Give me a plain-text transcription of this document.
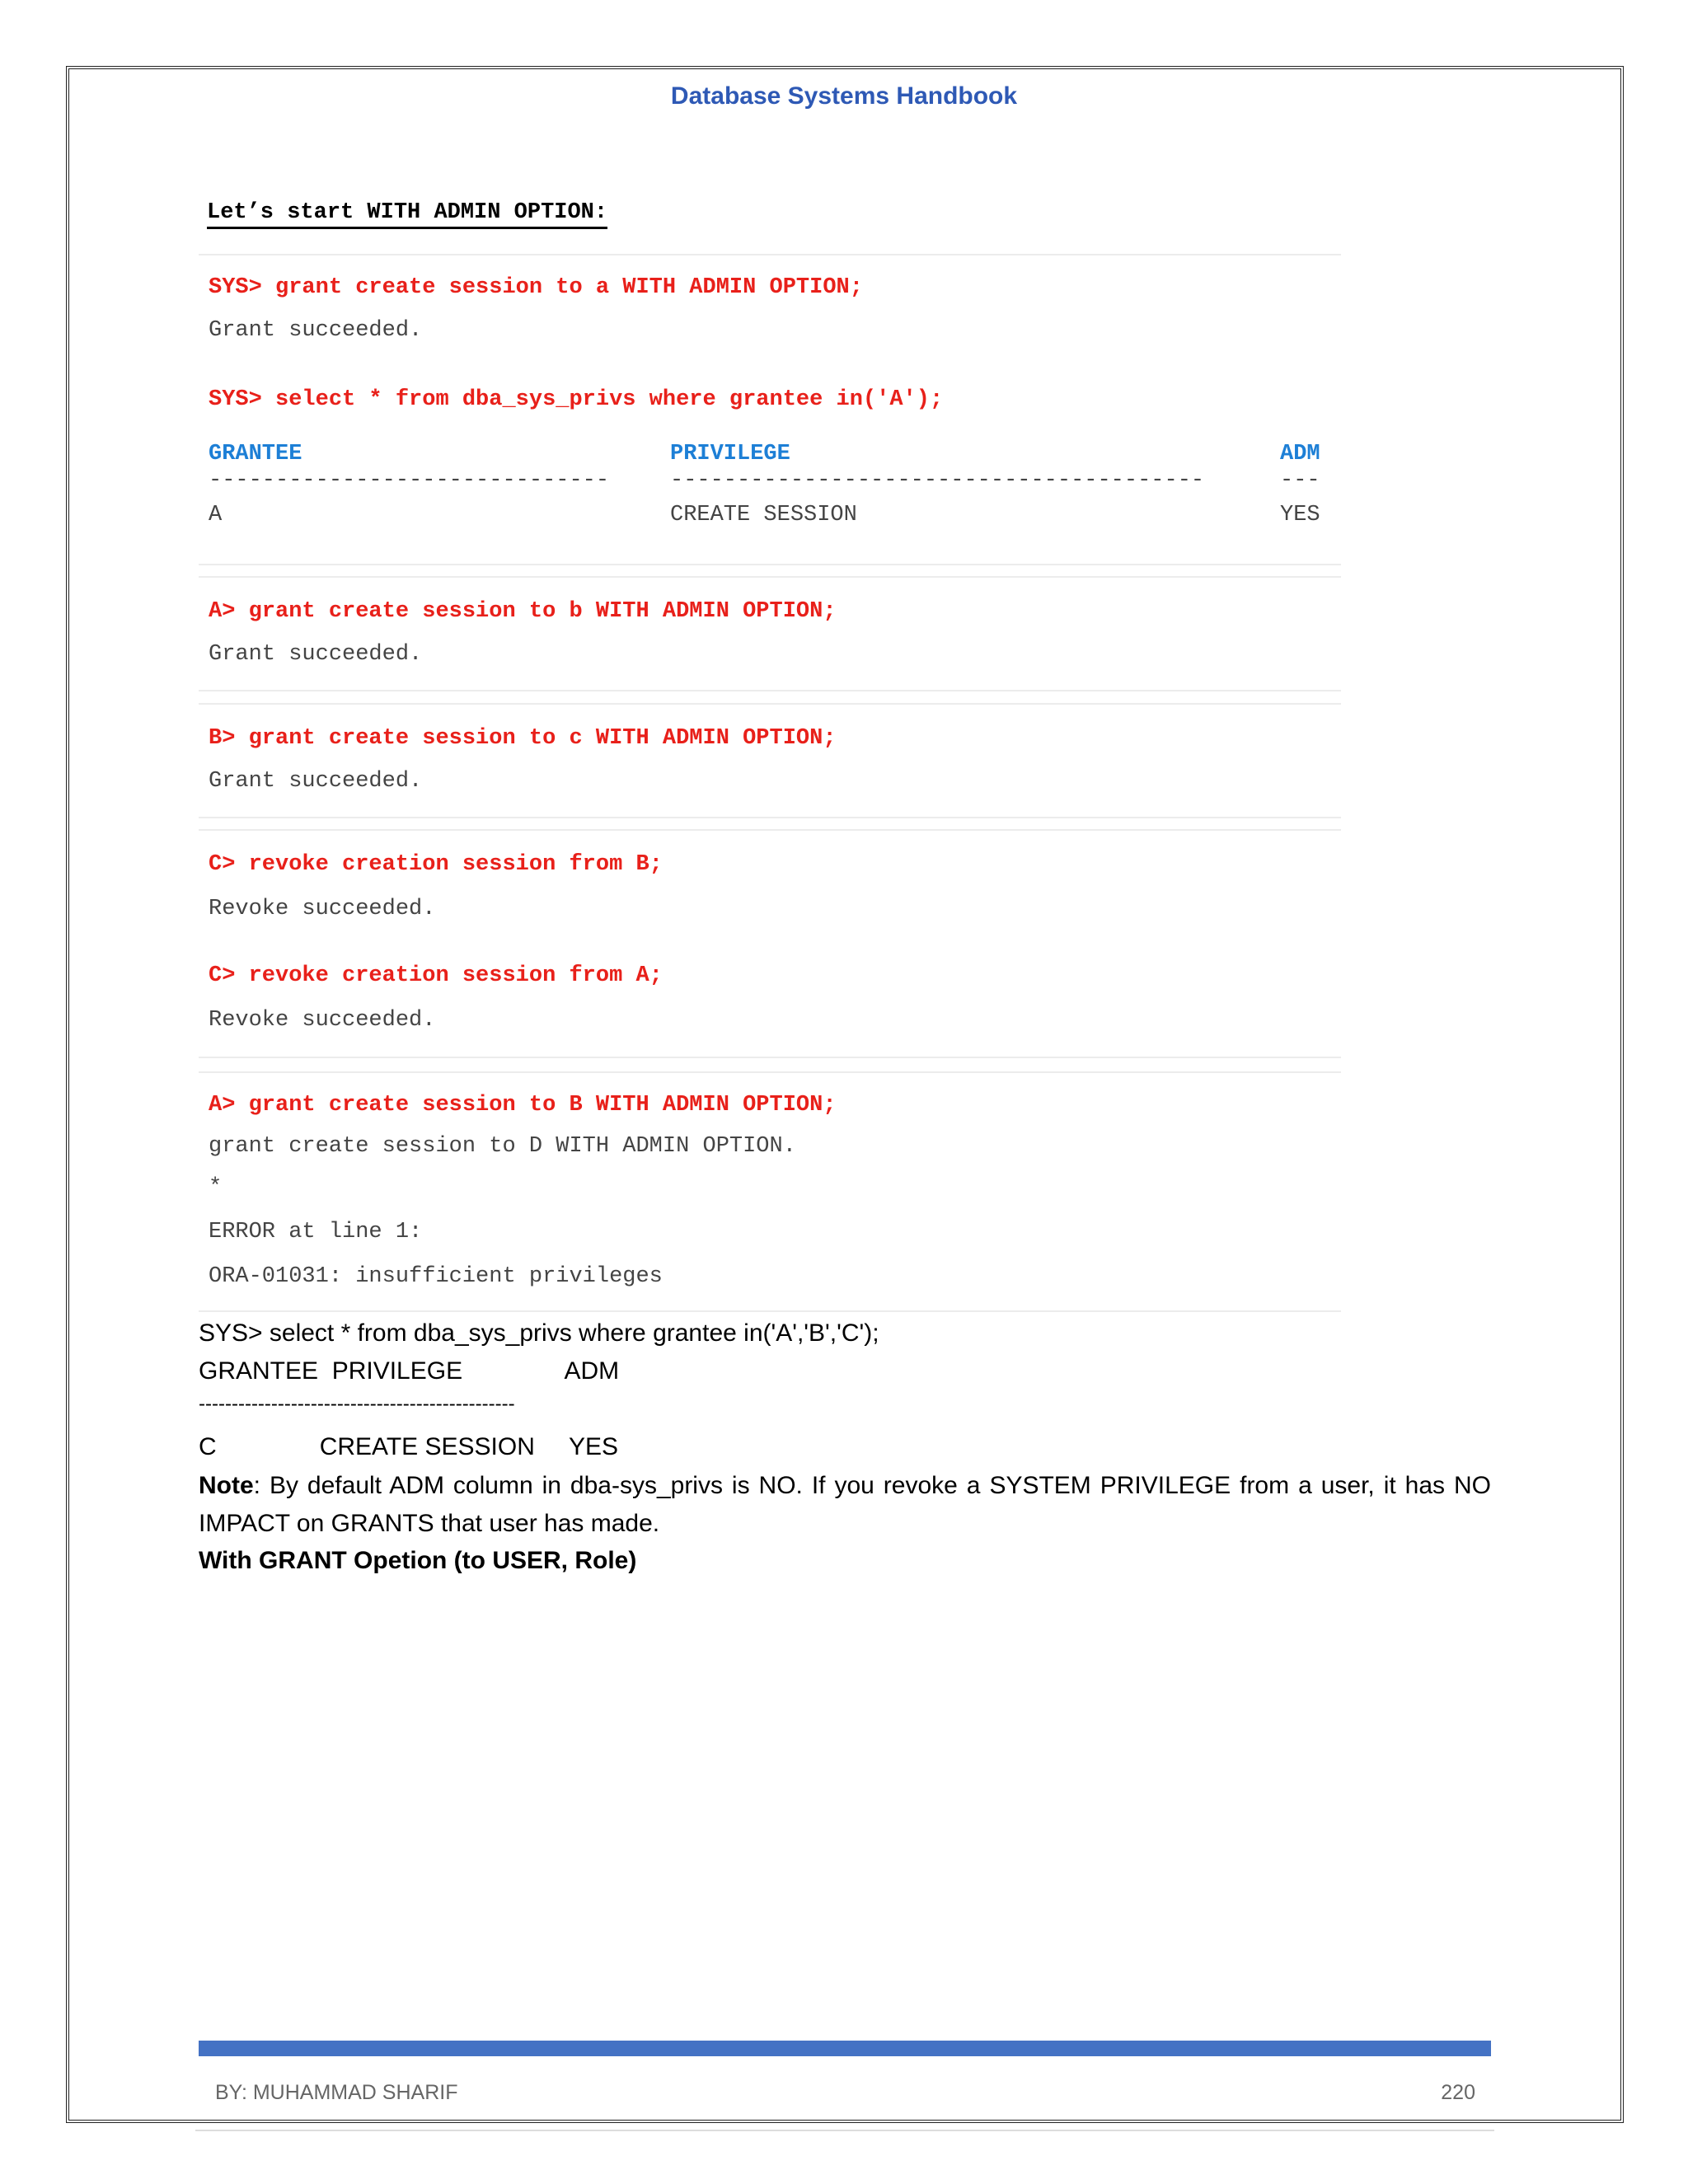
Database Systems Handbook
Let’s start WITH ADMIN OPTION:
SYS> grant create session to a WITH ADMIN OPTION;
Grant succeeded.
SYS> select * from dba_sys_privs where grantee in('A');
GRANTEE	PRIVILEGE	ADM
------------------------------	----------------------------------------	---
A	CREATE SESSION	YES
A> grant create session to b WITH ADMIN OPTION;
Grant succeeded.
B> grant create session to c WITH ADMIN OPTION;
Grant succeeded.
C> revoke creation session from B;
Revoke succeeded.
C> revoke creation session from A;
Revoke succeeded.
A> grant create session to B WITH ADMIN OPTION;
grant create session to D WITH ADMIN OPTION.
*
ERROR at line 1:
ORA-01031: insufficient privileges
SYS> select * from dba_sys_privs where grantee in('A','B','C');
GRANTEE  PRIVILEGE               ADM
------------------------------------------------
C               CREATE SESSION     YES
Note: By default ADM column in dba-sys_privs is NO. If you revoke a SYSTEM PRIVILEGE from a user, it has NO IMPACT on GRANTS that user has made.
With GRANT Opetion (to USER, Role)
BY: MUHAMMAD SHARIF	220
